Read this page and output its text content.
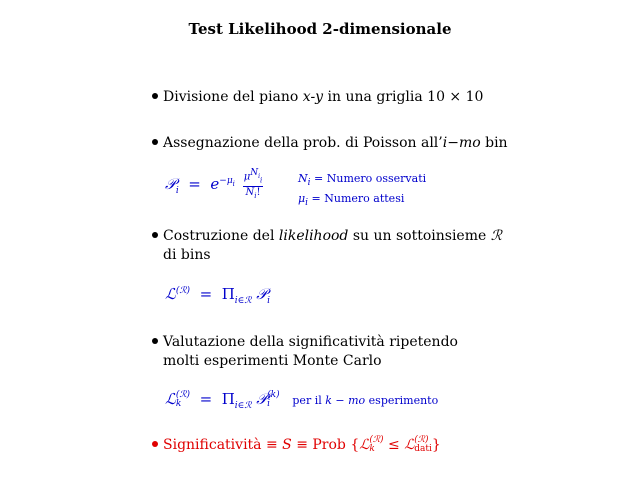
Test Likelihood 2-dimensionale
Divisione del piano x-y in una griglia 10 × 10
Assegnazione della prob. di Poisson all’i−mo bin
𝒫$_i$ = $e^{-\mu_i} \frac{\mu^{N_i}_i}{N_i!}$	$N_i$ = Numero osservati
$\mu_i$ = Numero attesi
Costruzione del likelihood su un sottoinsieme ℛ
di bins
ℒ$^{(ℛ)}$ = $\Pi_{i\in ℛ}$ 𝒫$_i$
Valutazione della significatività ripetendo
molti esperimenti Monte Carlo
ℒ (ℛ)
k	= $\Pi_{i\in ℛ}$ 𝒫 (k)
i	per il k − mo esperimento
Significatività ≡ S ≡ Prob {ℒ (ℛ)
k ≤ ℒ (ℛ)
dati }
